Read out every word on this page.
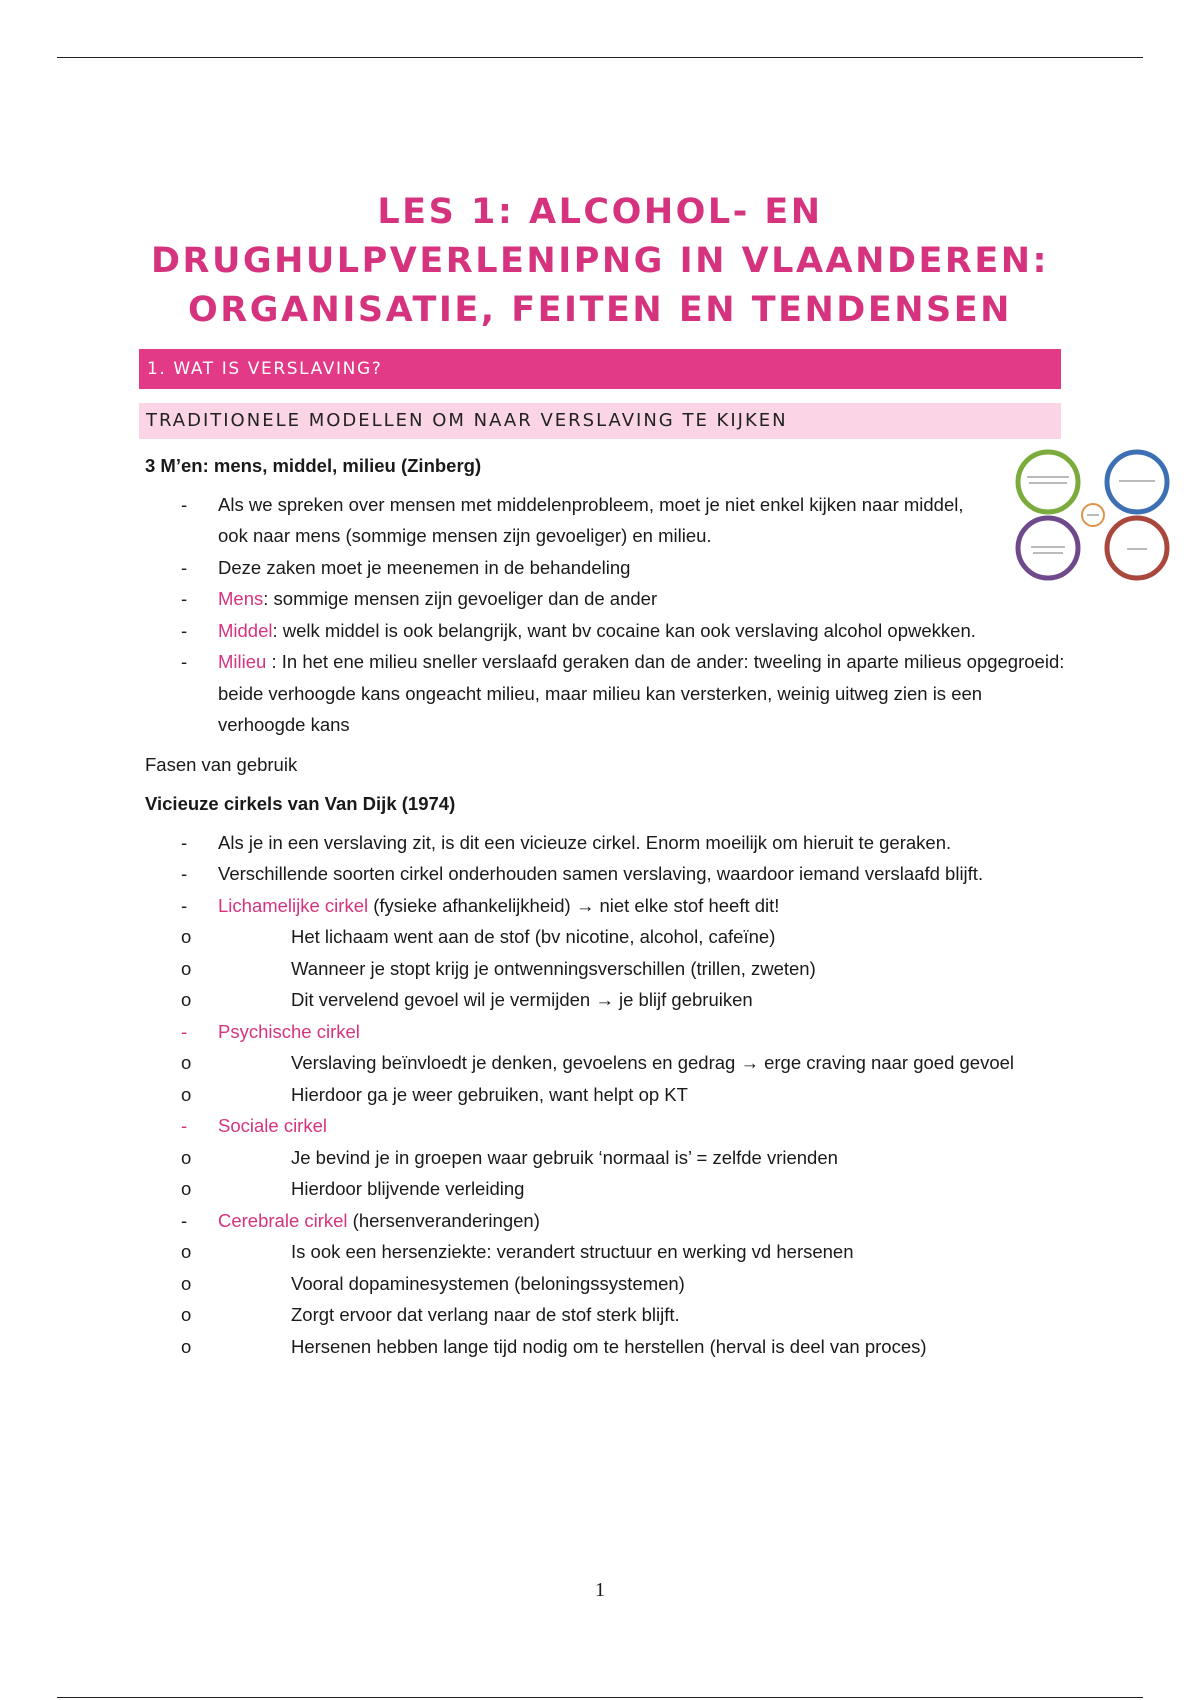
LES 1: ALCOHOL- EN
DRUGHULPVERLENIPNG IN VLAANDEREN:
ORGANISATIE, FEITEN EN TENDENSEN
1. WAT IS VERSLAVING?
TRADITIONELE MODELLEN OM NAAR VERSLAVING TE KIJKEN

3 M’en: mens, middel, milieu (Zinberg)

- Als we spreken over mensen met middelenprobleem, moet je niet enkel kijken naar middel, ook naar mens (sommige mensen zijn gevoeliger) en milieu.
- Deze zaken moet je meenemen in de behandeling
- Mens: sommige mensen zijn gevoeliger dan de ander
- Middel: welk middel is ook belangrijk, want bv cocaine kan ook verslaving alcohol opwekken.
- Milieu : In het ene milieu sneller verslaafd geraken dan de ander: tweeling in aparte milieus opgegroeid: beide verhoogde kans ongeacht milieu, maar milieu kan versterken, weinig uitweg zien is een verhoogde kans

Fasen van gebruik

Vicieuze cirkels van Van Dijk (1974)

- Als je in een verslaving zit, is dit een vicieuze cirkel. Enorm moeilijk om hieruit te geraken.
- Verschillende soorten cirkel onderhouden samen verslaving, waardoor iemand verslaafd blijft.
- Lichamelijke cirkel (fysieke afhankelijkheid) → niet elke stof heeft dit!
o	Het lichaam went aan de stof (bv nicotine, alcohol, cafeïne)
o	Wanneer je stopt krijg je ontwenningsverschillen (trillen, zweten)
o	Dit vervelend gevoel wil je vermijden → je blijf gebruiken
- Psychische cirkel
o	Verslaving beïnvloedt je denken, gevoelens en gedrag → erge craving naar goed gevoel
o	Hierdoor ga je weer gebruiken, want helpt op KT
- Sociale cirkel
o	Je bevind je in groepen waar gebruik ‘normaal is’ = zelfde vrienden
o	Hierdoor blijvende verleiding
- Cerebrale cirkel (hersenveranderingen)
o	Is ook een hersenziekte: verandert structuur en werking vd hersenen
o	Vooral dopaminesystemen (beloningssystemen)
o	Zorgt ervoor dat verlang naar de stof sterk blijft.
o	Hersenen hebben lange tijd nodig om te herstellen (herval is deel van proces)
1
